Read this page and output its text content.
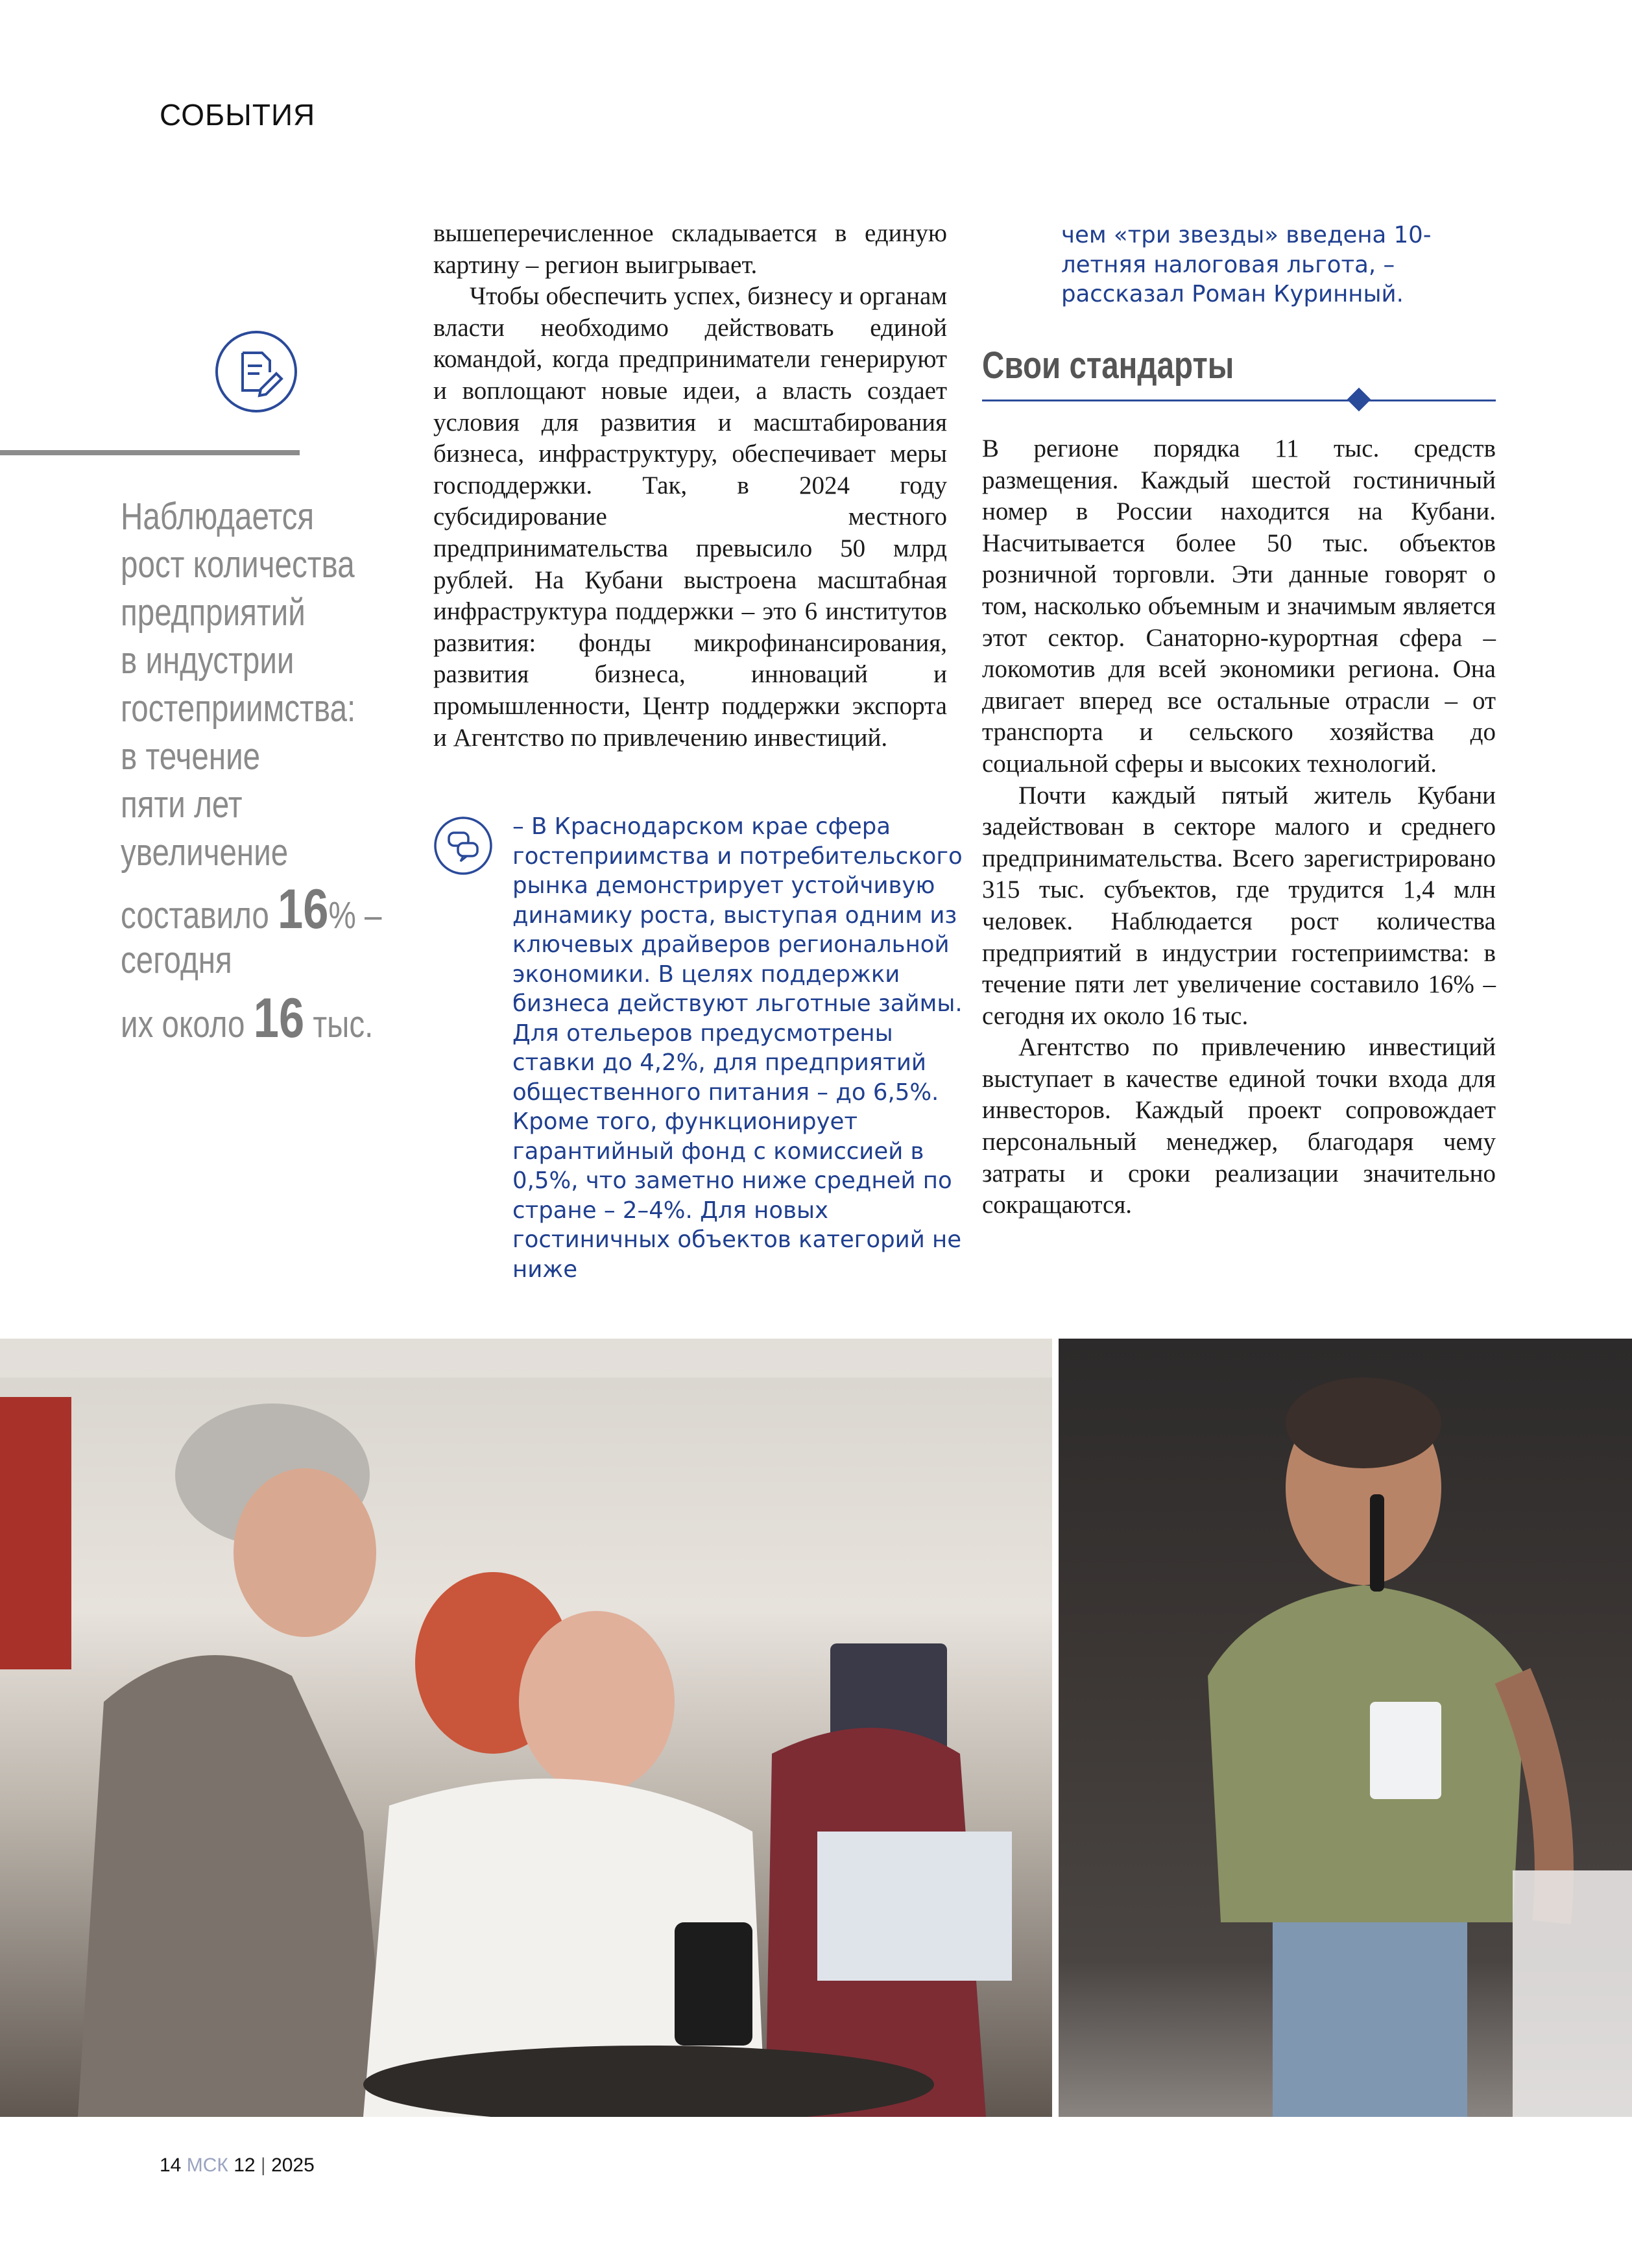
СОБЫТИЯ
Наблюдается
рост количества
предприятий
в индустрии
гостеприимства:
в течение
пяти лет
увеличение
составило 16% –
сегодня
их около 16 тыс.

вышеперечисленное складывается в единую картину – регион выигрывает.

Чтобы обеспечить успех, бизнесу и органам власти необходимо действовать единой командой, когда предприниматели генерируют и воплощают новые идеи, а власть создает условия для развития и масштабирования бизнеса, инфраструктуру, обеспечивает меры господдержки. Так, в 2024 году субсидирование местного предпринимательства превысило 50 млрд рублей. На Кубани выстроена масштабная инфраструктура поддержки – это 6 институтов развития: фонды микрофинансирования, развития бизнеса, инноваций и промышленности, Центр поддержки экспорта и Агентство по привлечению инвестиций.

– В Краснодарском крае сфера гостеприимства и потребительского рынка демонстрирует устойчивую динамику роста, выступая одним из ключевых драйверов региональной экономики. В целях поддержки бизнеса действуют льготные займы. Для отельеров предусмотрены ставки до 4,2%, для предприятий общественного питания – до 6,5%. Кроме того, функционирует гарантийный фонд с комиссией в 0,5%, что заметно ниже средней по стране – 2–4%. Для новых гостиничных объектов категорий не ниже
чем «три звезды» введена 10-летняя налоговая льгота, – рассказал Роман Куринный.
Свои стандарты

В регионе порядка 11 тыс. средств размещения. Каждый шестой гостиничный номер в России находится на Кубани. Насчитывается более 50 тыс. объектов розничной торговли. Эти данные говорят о том, насколько объемным и значимым является этот сектор. Санаторно-курортная сфера – локомотив для всей экономики региона. Она двигает вперед все остальные отрасли – от транспорта и сельского хозяйства до социальной сферы и высоких технологий.

Почти каждый пятый житель Кубани задействован в секторе малого и среднего предпринимательства. Всего зарегистрировано 315 тыс. субъектов, где трудится 1,4 млн человек. Наблюдается рост количества предприятий в индустрии гостеприимства: в течение пяти лет увеличение составило 16% – сегодня их около 16 тыс.

Агентство по привлечению инвестиций выступает в качестве единой точки входа для инвесторов. Каждый проект сопровождает персональный менеджер, благодаря чему затраты и сроки реализации значительно сокращаются.

14 МСК 12 | 2025
